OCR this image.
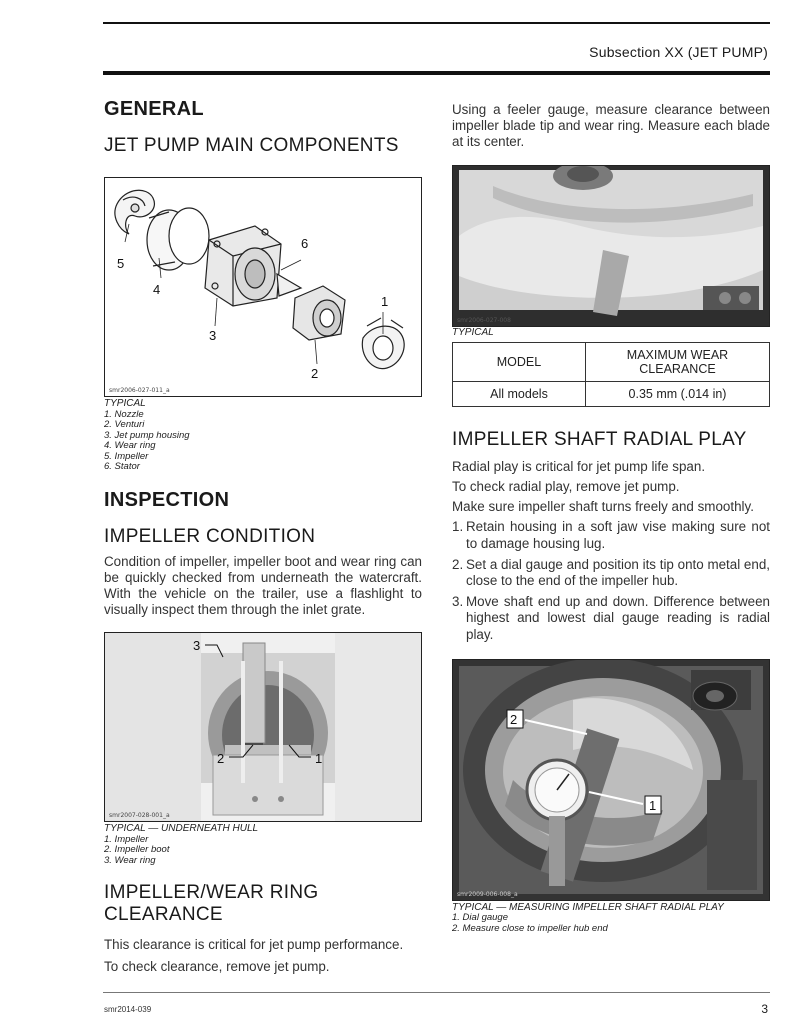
Subsection XX (JET PUMP)
GENERAL
JET PUMP MAIN COMPONENTS
1
2
3
4
5
6
smr2006-027-011_a
TYPICAL
1. Nozzle
2. Venturi
3. Jet pump housing
4. Wear ring
5. Impeller
6. Stator
INSPECTION
IMPELLER CONDITION

Condition of impeller, impeller boot and wear ring can be quickly checked from underneath the watercraft. With the vehicle on the trailer, use a flashlight to visually inspect them through the inlet grate.

3
2	1
smr2007-028-001_a
TYPICAL — UNDERNEATH HULL
1. Impeller
2. Impeller boot
3. Wear ring
IMPELLER/WEAR RING
CLEARANCE

This clearance is critical for jet pump performance.

To check clearance, remove jet pump.

Using a feeler gauge, measure clearance between impeller blade tip and wear ring. Measure each blade at its center.

smr2006-027-008
TYPICAL
MODEL	MAXIMUM WEAR
CLEARANCE

All models	0.35 mm (.014 in)
IMPELLER SHAFT RADIAL PLAY

Radial play is critical for jet pump life span.

To check radial play, remove jet pump.

Make sure impeller shaft turns freely and smoothly.

1. Retain housing in a soft jaw vise making sure not to damage housing lug.
2. Set a dial gauge and position its tip onto metal end, close to the end of the impeller hub.
3. Move shaft end up and down. Difference between highest and lowest dial gauge reading is radial play.
2
1
smr2009-006-008_a
TYPICAL — MEASURING IMPELLER SHAFT RADIAL PLAY
1. Dial gauge
2. Measure close to impeller hub end
smr2014-039	3
